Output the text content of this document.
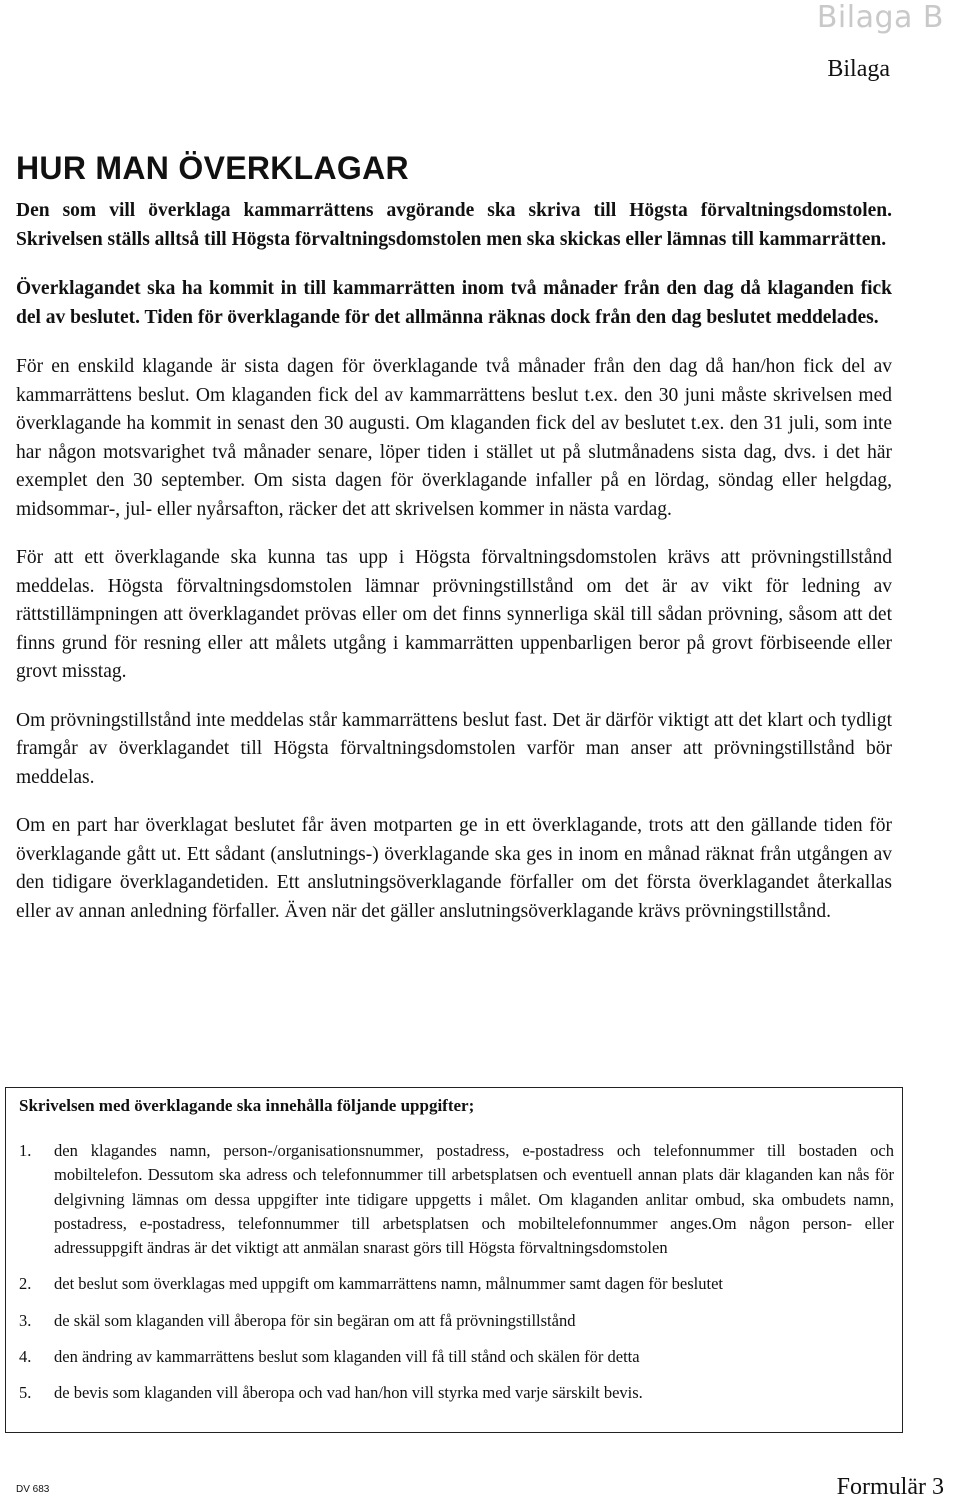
Bilaga B
Bilaga
HUR MAN ÖVERKLAGAR

Den som vill överklaga kammarrättens avgörande ska skriva till Högsta förvaltningsdomstolen. Skrivelsen ställs alltså till Högsta förvaltningsdomstolen men ska skickas eller lämnas till kammarrätten.

Överklagandet ska ha kommit in till kammarrätten inom två månader från den dag då klaganden fick del av beslutet. Tiden för överklagande för det allmänna räknas dock från den dag beslutet meddelades.

För en enskild klagande är sista dagen för överklagande två månader från den dag då han/hon fick del av kammarrättens beslut. Om klaganden fick del av kammarrättens beslut t.ex. den 30 juni måste skrivelsen med överklagande ha kommit in senast den 30 augusti. Om klaganden fick del av beslutet t.ex. den 31 juli, som inte har någon motsvarighet två månader senare, löper tiden i stället ut på slutmånadens sista dag, dvs. i det här exemplet den 30 september. Om sista dagen för överklagande infaller på en lördag, söndag eller helgdag, midsommar-, jul- eller nyårsafton, räcker det att skrivelsen kommer in nästa vardag.

För att ett överklagande ska kunna tas upp i Högsta förvaltningsdomstolen krävs att prövningstillstånd meddelas. Högsta förvaltningsdomstolen lämnar prövningstillstånd om det är av vikt för ledning av rättstillämpningen att överklagandet prövas eller om det finns synnerliga skäl till sådan prövning, såsom att det finns grund för resning eller att målets utgång i kammarrätten uppenbarligen beror på grovt förbiseende eller grovt misstag.

Om prövningstillstånd inte meddelas står kammarrättens beslut fast. Det är därför viktigt att det klart och tydligt framgår av överklagandet till Högsta förvaltningsdomstolen varför man anser att prövningstillstånd bör meddelas.

Om en part har överklagat beslutet får även motparten ge in ett överklagande, trots att den gällande tiden för överklagande gått ut. Ett sådant (anslutnings-) överklagande ska ges in inom en månad räknat från utgången av den tidigare överklagandetiden. Ett anslutningsöverklagande förfaller om det första överklagandet återkallas eller av annan anledning förfaller. Även när det gäller anslutningsöverklagande krävs prövningstillstånd.

Skrivelsen med överklagande ska innehålla följande uppgifter;
1. den klagandes namn, person-/organisationsnummer, postadress, e-postadress och telefonnummer till bostaden och mobiltelefon. Dessutom ska adress och telefonnummer till arbetsplatsen och eventuell annan plats där klaganden kan nås för delgivning lämnas om dessa uppgifter inte tidigare uppgetts i målet. Om klaganden anlitar ombud, ska ombudets namn, postadress, e-postadress, telefonnummer till arbetsplatsen och mobiltelefonnummer anges.Om någon person- eller adressuppgift ändras är det viktigt att anmälan snarast görs till Högsta förvaltningsdomstolen
2. det beslut som överklagas med uppgift om kammarrättens namn, målnummer samt dagen för beslutet
3. de skäl som klaganden vill åberopa för sin begäran om att få prövningstillstånd
4. den ändring av kammarrättens beslut som klaganden vill få till stånd och skälen för detta
5. de bevis som klaganden vill åberopa och vad han/hon vill styrka med varje särskilt bevis.
DV 683	Formulär 3
